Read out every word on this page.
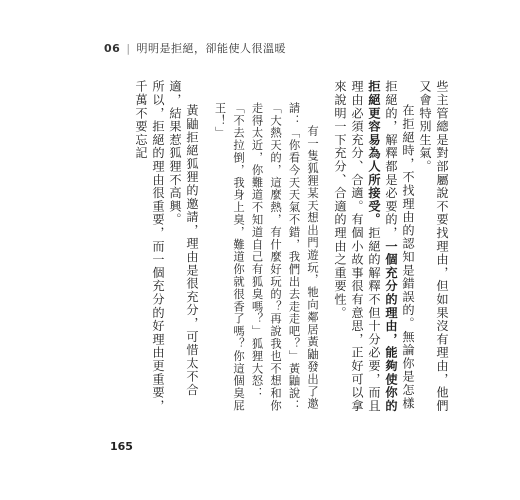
06 | 明明是拒絕，卻能使人很溫暖

些主管總是對部屬說不要找理由，但如果沒有理由，他們又會特別生氣。

在拒絕時，不找理由的認知是錯誤的。無論你是怎樣拒絕的，解釋都是必要的，一個充分的理由，能夠使你的拒絕更容易為人所接受。拒絕的解釋不但十分必要，而且理由必須充分、合適。有個小故事很有意思，正好可以拿來說明一下充分、合適的理由之重要性。

有一隻狐狸某天想出門遊玩，牠向鄰居黃鼬發出了邀請：「你看今天天氣不錯，我們出去走走吧？」黃鼬說：「大熱天的，這麼熱，有什麼好玩的？再說我也不想和你走得太近，你難道不知道自己有狐臭嗎？」狐狸大怒：「不去拉倒，我身上臭，難道你就很香了嗎？你這個臭屁王！」

黃鼬拒絕狐狸的邀請，理由是很充分，可惜太不合適，結果惹狐狸不高興。

所以，拒絕的理由很重要，而一個充分的好理由更重要，千萬不要忘記

165
